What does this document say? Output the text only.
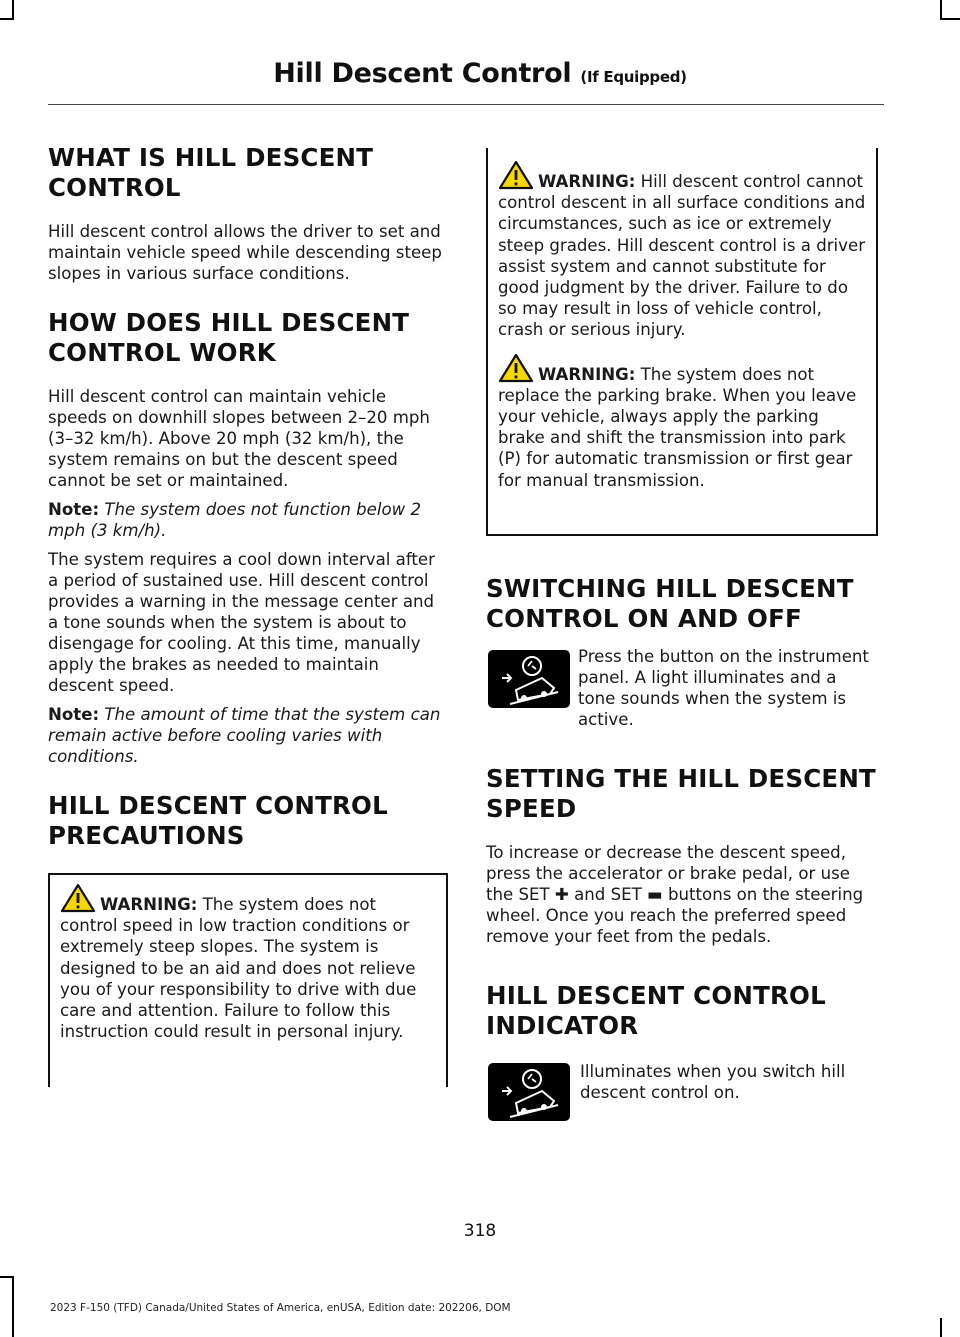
Hill Descent Control (If Equipped)
WHAT IS HILL DESCENT
CONTROL

Hill descent control allows the driver to set and maintain vehicle speed while descending steep slopes in various surface conditions.

HOW DOES HILL DESCENT
CONTROL WORK

Hill descent control can maintain vehicle speeds on downhill slopes between 2–20 mph (3–32 km/h). Above 20 mph (32 km/h), the system remains on but the descent speed cannot be set or maintained.

Note: The system does not function below 2 mph (3 km/h).

The system requires a cool down interval after a period of sustained use. Hill descent control provides a warning in the message center and a tone sounds when the system is about to disengage for cooling. At this time, manually apply the brakes as needed to maintain descent speed.

Note: The amount of time that the system can remain active before cooling varies with conditions.

HILL DESCENT CONTROL
PRECAUTIONS

WARNING: The system does not control speed in low traction conditions or extremely steep slopes. The system is designed to be an aid and does not relieve you of your responsibility to drive with due care and attention. Failure to follow this instruction could result in personal injury.

WARNING: Hill descent control cannot control descent in all surface conditions and circumstances, such as ice or extremely steep grades. Hill descent control is a driver assist system and cannot substitute for good judgment by the driver. Failure to do so may result in loss of vehicle control, crash or serious injury.

WARNING: The system does not replace the parking brake. When you leave your vehicle, always apply the parking brake and shift the transmission into park (P) for automatic transmission or first gear for manual transmission.

SWITCHING HILL DESCENT
CONTROL ON AND OFF

Press the button on the instrument panel. A light illuminates and a tone sounds when the system is active.

SETTING THE HILL DESCENT
SPEED

To increase or decrease the descent speed, press the accelerator or brake pedal, or use the SET ✚ and SET ▬ buttons on the steering wheel. Once you reach the preferred speed remove your feet from the pedals.

HILL DESCENT CONTROL
INDICATOR

Illuminates when you switch hill descent control on.

318
2023 F-150 (TFD) Canada/United States of America, enUSA, Edition date: 202206, DOM
